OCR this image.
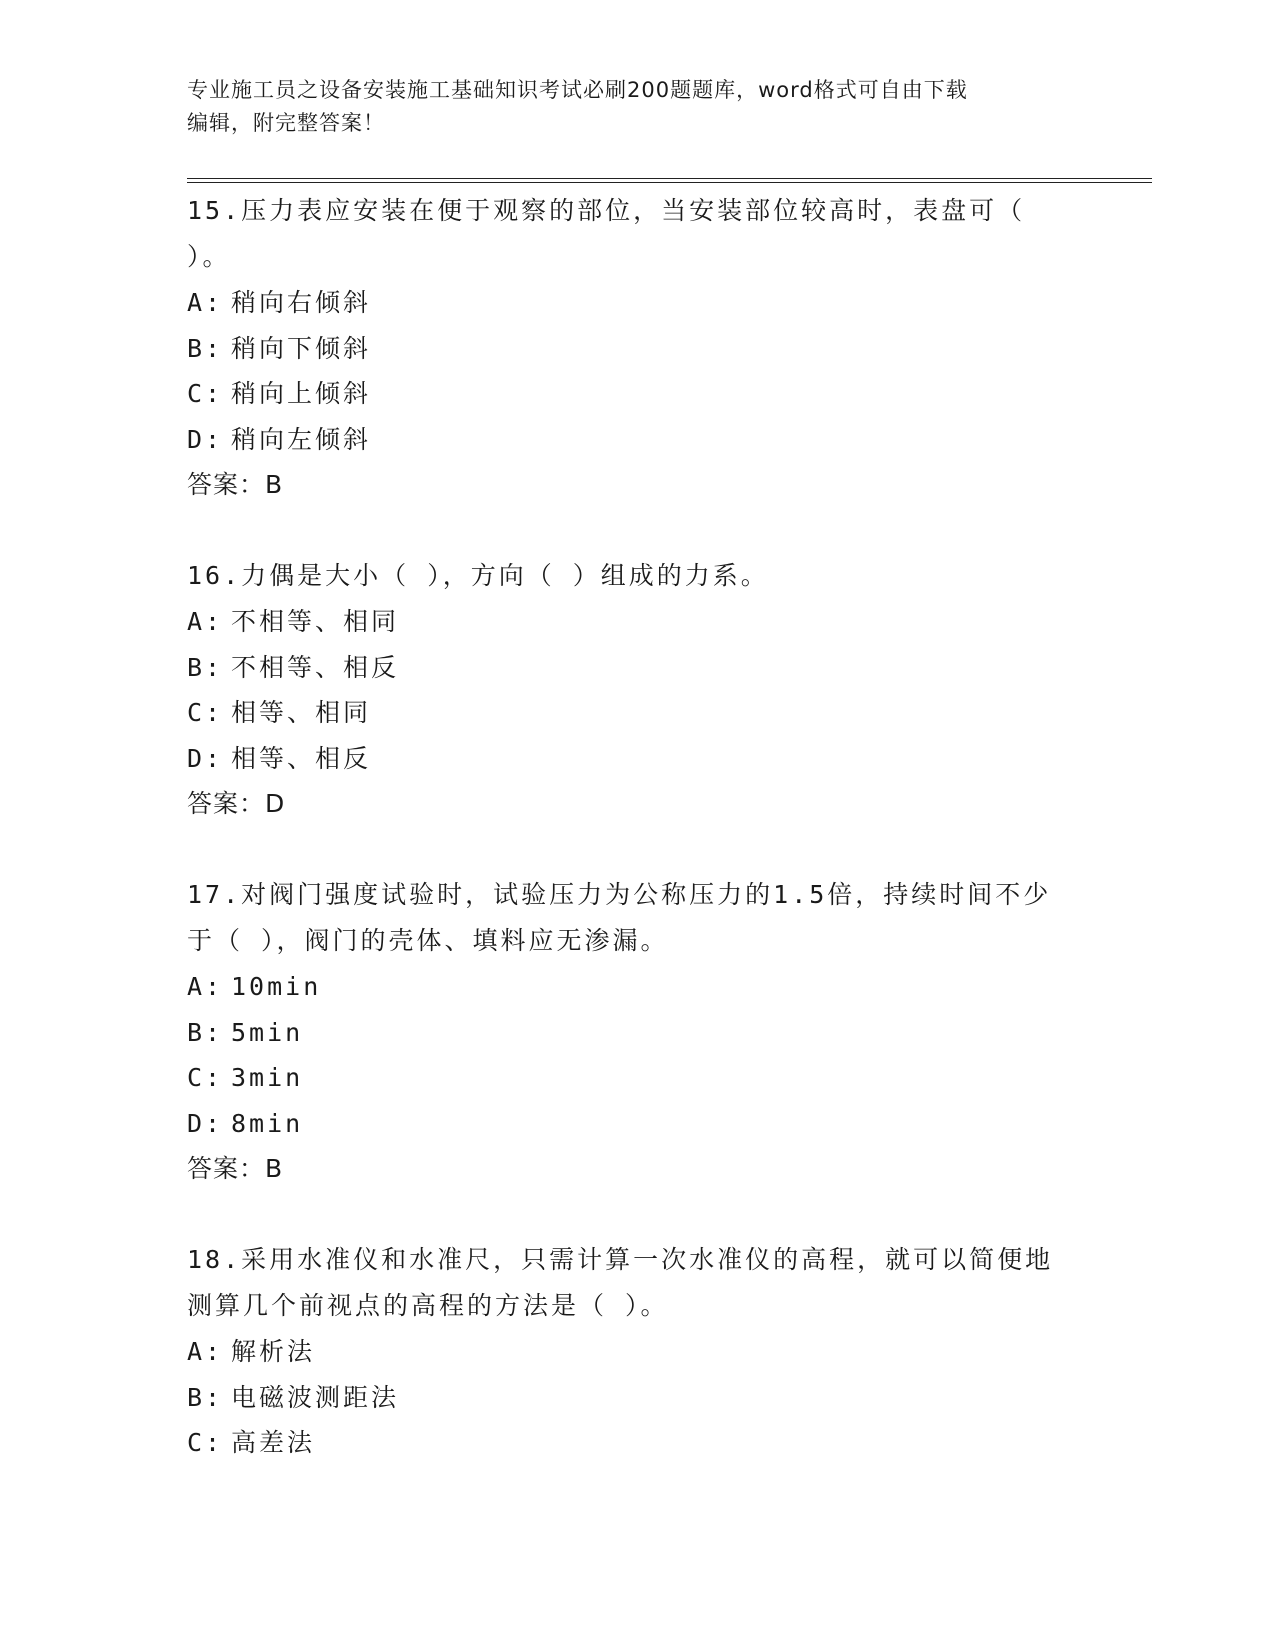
专业施工员之设备安装施工基础知识考试必刷200题题库，word格式可自由下载
编辑，附完整答案！
15.压力表应安装在便于观察的部位，当安装部位较高时，表盘可（
）。
A: 稍向右倾斜
B: 稍向下倾斜
C: 稍向上倾斜
D: 稍向左倾斜
答案：B
16.力偶是大小（ ），方向（ ）组成的力系。
A: 不相等、相同
B: 不相等、相反
C: 相等、相同
D: 相等、相反
答案：D
17.对阀门强度试验时，试验压力为公称压力的1.5倍，持续时间不少
于（ ），阀门的壳体、填料应无渗漏。
A: 10min
B: 5min
C: 3min
D: 8min
答案：B
18.采用水准仪和水准尺，只需计算一次水准仪的高程，就可以简便地
测算几个前视点的高程的方法是（ ）。
A: 解析法
B: 电磁波测距法
C: 高差法
